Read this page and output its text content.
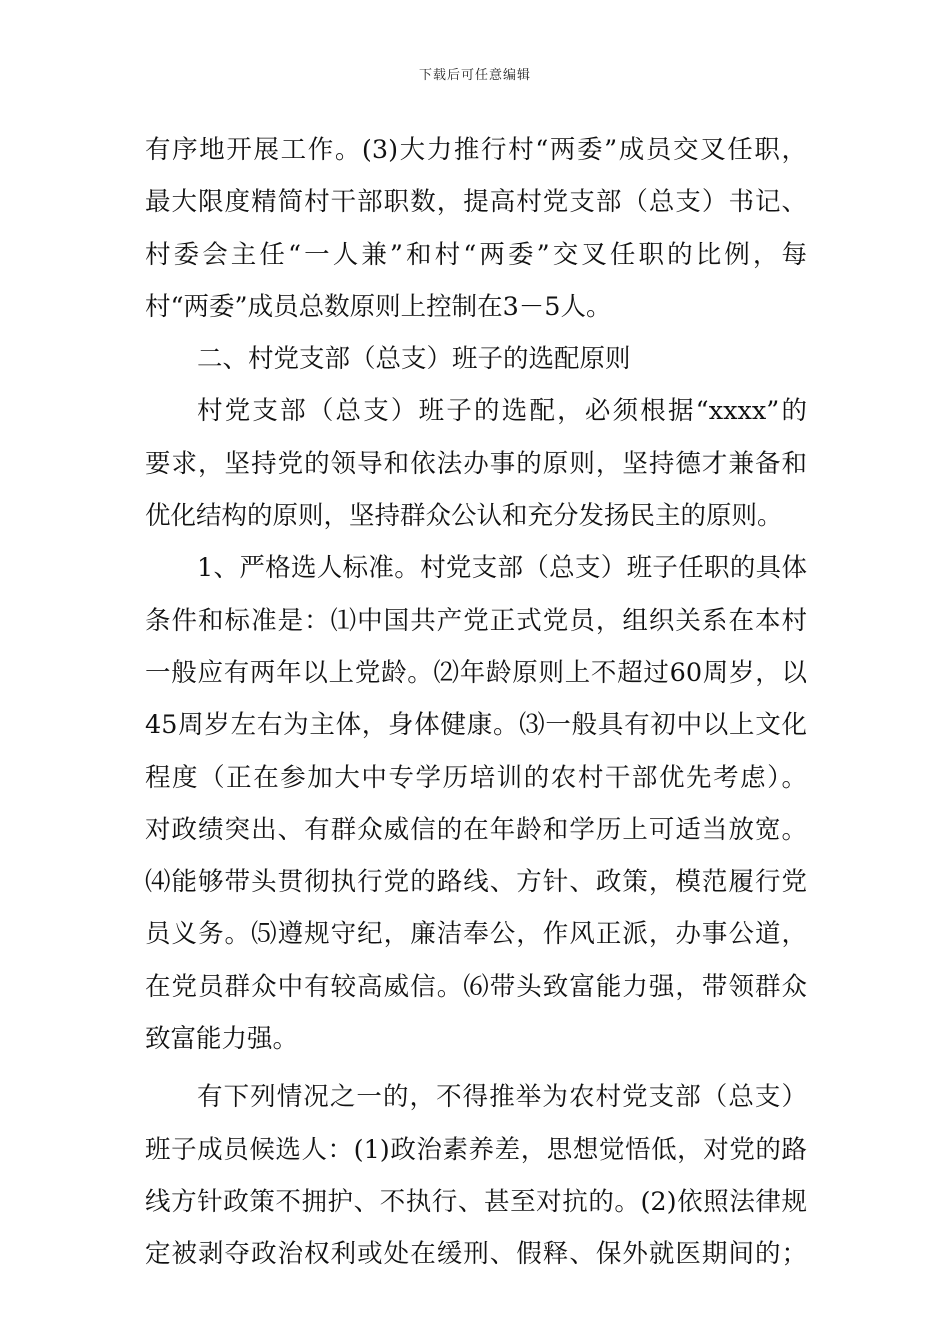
下载后可任意编辑
有序地开展工作。(3)大力推行村“两委”成员交叉任职，
最大限度精简村干部职数，提高村党支部（总支）书记、
村委会主任“一人兼”和村“两委”交叉任职的比例，每
村“两委”成员总数原则上控制在3－5人。
二、村党支部（总支）班子的选配原则
村党支部（总支）班子的选配，必须根据“xxxx”的
要求，坚持党的领导和依法办事的原则，坚持德才兼备和
优化结构的原则，坚持群众公认和充分发扬民主的原则。
1、严格选人标准。村党支部（总支）班子任职的具体
条件和标准是：⑴中国共产党正式党员，组织关系在本村
一般应有两年以上党龄。⑵年龄原则上不超过60周岁，以
45周岁左右为主体，身体健康。⑶一般具有初中以上文化
程度（正在参加大中专学历培训的农村干部优先考虑）。
对政绩突出、有群众威信的在年龄和学历上可适当放宽。
⑷能够带头贯彻执行党的路线、方针、政策，模范履行党
员义务。⑸遵规守纪，廉洁奉公，作风正派，办事公道，
在党员群众中有较高威信。⑹带头致富能力强，带领群众
致富能力强。
有下列情况之一的，不得推举为农村党支部（总支）
班子成员候选人：(1)政治素养差，思想觉悟低，对党的路
线方针政策不拥护、不执行、甚至对抗的。(2)依照法律规
定被剥夺政治权利或处在缓刑、假释、保外就医期间的；
